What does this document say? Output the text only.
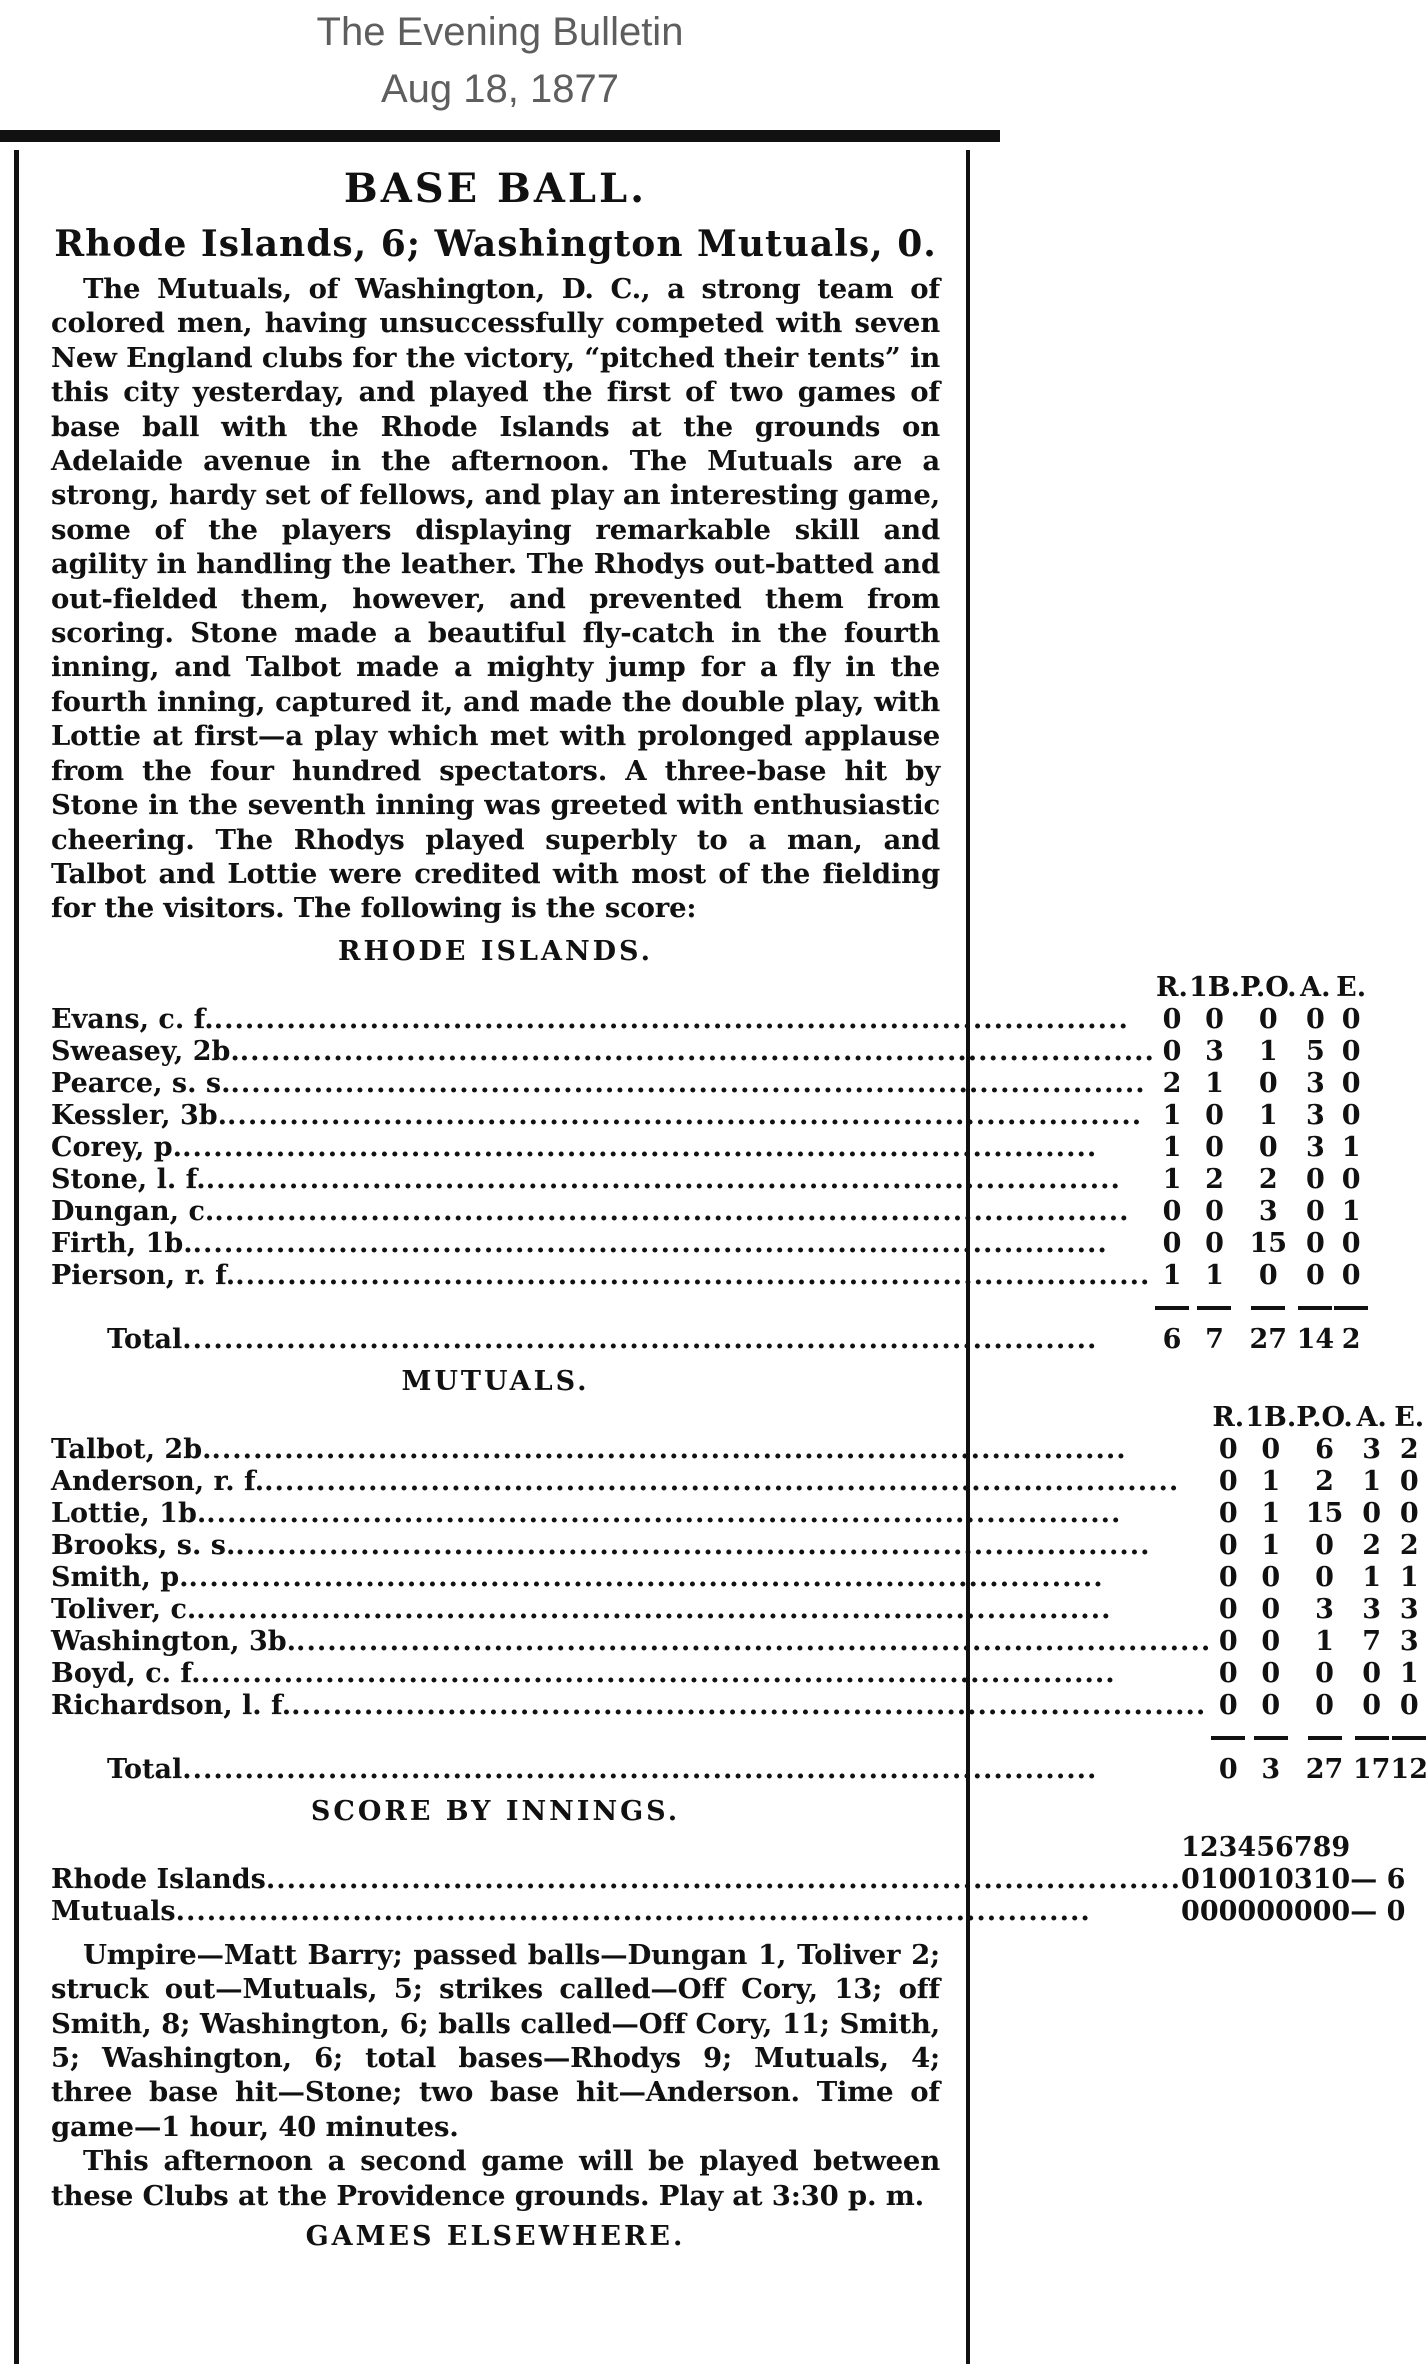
The Evening Bulletin
Aug 18, 1877
BASE BALL.
Rhode Islands, 6; Washington Mutuals, 0.
The Mutuals, of Washington, D. C., a strong team of colored men, having unsuccessfully competed with seven New England clubs for the victory, “pitched their tents” in this city yesterday, and played the first of two games of base ball with the Rhode Islands at the grounds on Adelaide avenue in the afternoon. The Mutuals are a strong, hardy set of fellows, and play an interesting game, some of the players displaying remarkable skill and agility in handling the leather. The Rhodys out-batted and out-fielded them, however, and prevented them from scoring. Stone made a beautiful fly-catch in the fourth inning, and Talbot made a mighty jump for a fly in the fourth inning, captured it, and made the double play, with Lottie at first—a play which met with prolonged applause from the four hundred spectators. A three-base hit by Stone in the seventh inning was greeted with enthusiastic cheering. The Rhodys played superbly to a man, and Talbot and Lottie were credited with most of the fielding for the visitors. The following is the score:
RHODE ISLANDS.
	R.	1B.	P.O.	A.	E.
Evans, c. f. .....	0	0	0	0	0
Sweasey, 2b. .....	0	3	1	5	0
Pearce, s. s. .....	2	1	0	3	0
Kessler, 3b. .....	1	0	1	3	0
Corey, p. .....	1	0	0	3	1
Stone, l. f. .....	1	2	2	0	0
Dungan, c. .....	0	0	3	0	1
Firth, 1b. .....	0	0	15	0	0
Pierson, r. f. .....	1	1	0	0	0

Total .....	6	7	27	14	2
MUTUALS.
	R.	1B.	P.O.	A.	E.
Talbot, 2b. .....	0	0	6	3	2
Anderson, r. f. .....	0	1	2	1	0
Lottie, 1b. .....	0	1	15	0	0
Brooks, s. s. .....	0	1	0	2	2
Smith, p. .....	0	0	0	1	1
Toliver, c. .....	0	0	3	3	3
Washington, 3b. .....	0	0	1	7	3
Boyd, c. f. .....	0	0	0	0	1
Richardson, l. f. .....	0	0	0	0	0

Total .....	0	3	27	17	12
SCORE BY INNINGS.
	1	2	3	4	5	6	7	8	9	
Rhode Islands .....	0	1	0	0	1	0	3	1	0	— 6
Mutuals .....	0	0	0	0	0	0	0	0	0	— 0
Umpire—Matt Barry; passed balls—Dungan 1, Toliver 2; struck out—Mutuals, 5; strikes called—Off Cory, 13; off Smith, 8; Washington, 6; balls called—Off Cory, 11; Smith, 5; Washington, 6; total bases—Rhodys 9; Mutuals, 4; three base hit—Stone; two base hit—Anderson. Time of game—1 hour, 40 minutes.
This afternoon a second game will be played between these Clubs at the Providence grounds. Play at 3:30 p. m.
GAMES ELSEWHERE.
